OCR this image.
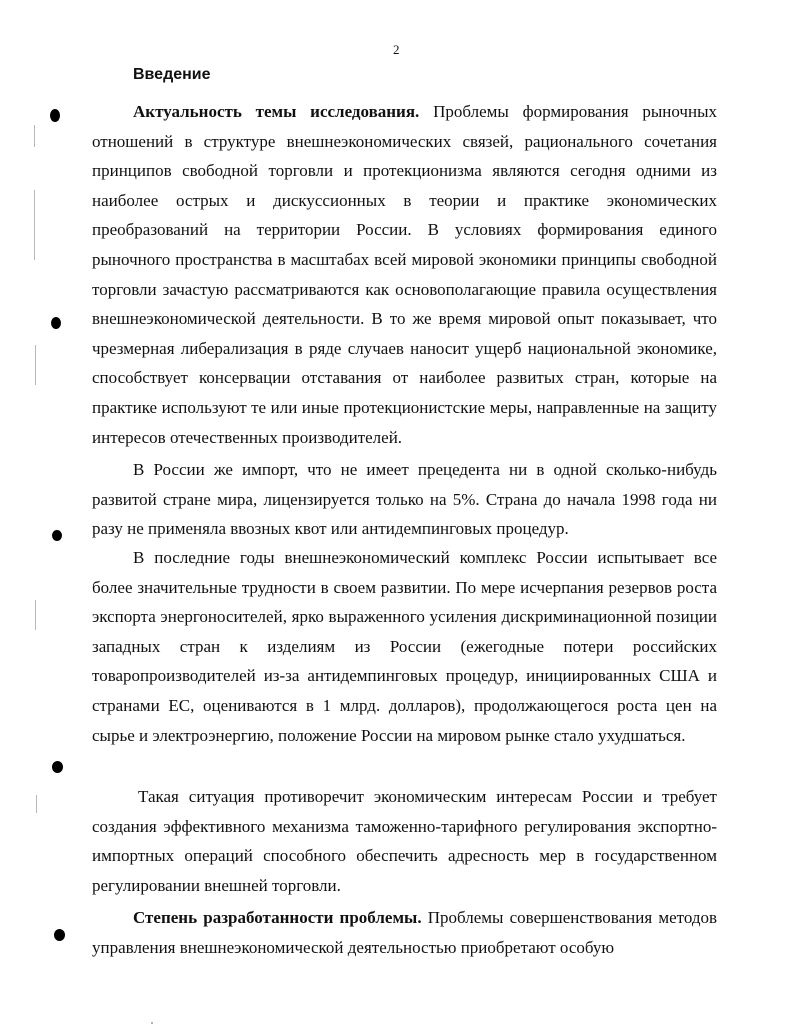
2
Введение

Актуальность темы исследования. Проблемы формирования рыночных отношений в структуре внешнеэкономических связей, рационального сочетания принципов свободной торговли и протекционизма являются сегодня одними из наиболее острых и дискуссионных в теории и практике экономических преобразований на территории России. В условиях формирования единого рыночного пространства в масштабах всей мировой экономики принципы свободной торговли зачастую рассматриваются как основополагающие правила осуществления внешнеэкономической деятельности. В то же время мировой опыт показывает, что чрезмерная либерализация в ряде случаев наносит ущерб национальной экономике, способствует консервации отставания от наиболее развитых стран, которые на практике используют те или иные протекционистские меры, направленные на защиту интересов отечественных производителей.

В России же импорт, что не имеет прецедента ни в одной сколько-нибудь развитой стране мира, лицензируется только на 5%. Страна до начала 1998 года ни разу не применяла ввозных квот или антидемпинговых процедур.

В последние годы внешнеэкономический комплекс России испытывает все более значительные трудности в своем развитии. По мере исчерпания резервов роста экспорта энергоносителей, ярко выраженного усиления дискриминационной позиции западных стран к изделиям из России (ежегодные потери российских товаропроизводителей из-за антидемпинговых процедур, инициированных США и странами ЕС, оцениваются в 1 млрд. долларов), продолжающегося роста цен на сырье и электроэнергию, положение России на мировом рынке стало ухудшаться.

Такая ситуация противоречит экономическим интересам России и требует создания эффективного механизма таможенно-тарифного регулирования экспортно-импортных операций способного обеспечить адресность мер в государственном регулировании внешней торговли.

Степень разработанности проблемы. Проблемы совершенствования методов управления внешнеэкономической деятельностью приобретают особую
